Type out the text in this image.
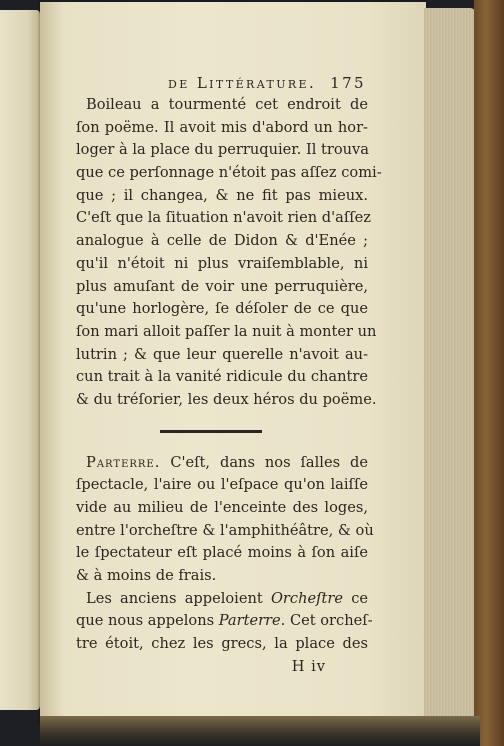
de Littérature. 175
Boileau a tourmenté cet endroit de
ſon poëme. Il avoit mis d'abord un hor-
loger à la place du perruquier. Il trouva
que ce perſonnage n'étoit pas aſſez comi-
que ; il changea, & ne fit pas mieux.
C'eſt que la ſituation n'avoit rien d'aſſez
analogue à celle de Didon & d'Enée ;
qu'il n'étoit ni plus vraiſemblable, ni
plus amuſant de voir une perruquière,
qu'une horlogère, ſe déſoler de ce que
ſon mari alloit paſſer la nuit à monter un
lutrin ; & que leur querelle n'avoit au-
cun trait à la vanité ridicule du chantre
& du tréſorier, les deux héros du poëme.
Parterre. C'eſt, dans nos ſalles de
ſpectacle, l'aire ou l'eſpace qu'on laiſſe
vide au milieu de l'enceinte des loges,
entre l'orcheſtre & l'amphithéâtre, & où
le ſpectateur eſt placé moins à ſon aiſe
& à moins de frais.
Les anciens appeloient Orcheſtre ce
que nous appelons Parterre. Cet orcheſ-
tre étoit, chez les grecs, la place des
H iv
